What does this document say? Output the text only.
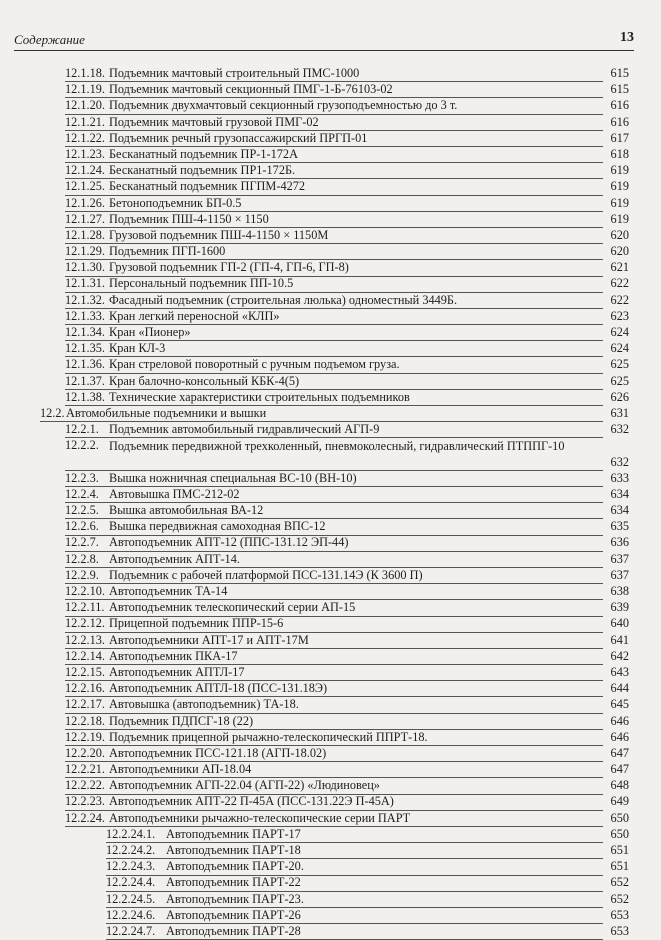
Содержание	13
12.1.18. Подъемник мачтовый строительный ПМС-1000	615
12.1.19. Подъемник мачтовый секционный ПМГ-1-Б-76103-02	615
12.1.20. Подъемник двухмачтовый секционный грузоподъемностью до 3 т.	616
12.1.21. Подъемник мачтовый грузовой ПМГ-02	616
12.1.22. Подъемник речный грузопассажирский ПРГП-01	617
12.1.23. Бесканатный подъемник ПР-1-172А	618
12.1.24. Бесканатный подъемник ПР1-172Б.	619
12.1.25. Бесканатный подъемник ПГПМ-4272	619
12.1.26. Бетоноподъемник БП-0.5	619
12.1.27. Подъемник ПШ-4-1150 × 1150	619
12.1.28. Грузовой подъемник ПШ-4-1150 × 1150М	620
12.1.29. Подъемник ПГП-1600	620
12.1.30. Грузовой подъемник ГП-2 (ГП-4, ГП-6, ГП-8)	621
12.1.31. Персональный подъемник ПП-10.5	622
12.1.32. Фасадный подъемник (строительная люлька) одноместный 3449Б.	622
12.1.33. Кран легкий переносной «КЛП»	623
12.1.34. Кран «Пионер»	624
12.1.35. Кран КЛ-3	624
12.1.36. Кран стреловой поворотный с ручным подъемом груза.	625
12.1.37. Кран балочно-консольный КБК-4(5)	625
12.1.38. Технические характеристики строительных подъемников	626
12.2. Автомобильные подъемники и вышки	631
12.2.1. Подъемник автомобильный гидравлический АГП-9	632
12.2.2. Подъемник передвижной трехколенный, пневмоколесный, гидравлический ПТППГ-10
632
12.2.3. Вышка ножничная специальная ВС-10 (ВН-10)	633
12.2.4. Автовышка ПМС-212-02	634
12.2.5. Вышка автомобильная ВА-12	634
12.2.6. Вышка передвижная самоходная ВПС-12	635
12.2.7. Автоподъемник АПТ-12 (ППС-131.12 ЭП-44)	636
12.2.8. Автоподъемник АПТ-14.	637
12.2.9. Подъемник с рабочей платформой ПСС-131.14Э (К 3600 П)	637
12.2.10. Автоподъемник ТА-14	638
12.2.11. Автоподъемник телескопический серии АП-15	639
12.2.12. Прицепной подъемник ППР-15-6	640
12.2.13. Автоподъемники АПТ-17 и АПТ-17М	641
12.2.14. Автоподъемник ПКА-17	642
12.2.15. Автоподъемник АПТЛ-17	643
12.2.16. Автоподъемник АПТЛ-18 (ПСС-131.18Э)	644
12.2.17. Автовышка (автоподъемник) ТА-18.	645
12.2.18. Подъемник ПДПСГ-18 (22)	646
12.2.19. Подъемник прицепной рычажно-телескопический ППРТ-18.	646
12.2.20. Автоподъемник ПСС-121.18 (АГП-18.02)	647
12.2.21. Автоподъемники АП-18.04	647
12.2.22. Автоподъемник АГП-22.04 (АГП-22) «Людиновец»	648
12.2.23. Автоподъемник АПТ-22 П-45А (ПСС-131.22Э П-45А)	649
12.2.24. Автоподъемники рычажно-телескопические серии ПАРТ	650
12.2.24.1. Автоподъемник ПАРТ-17	650
12.2.24.2. Автоподъемник ПАРТ-18	651
12.2.24.3. Автоподъемник ПАРТ-20.	651
12.2.24.4. Автоподъемник ПАРТ-22	652
12.2.24.5. Автоподъемник ПАРТ-23.	652
12.2.24.6. Автоподъемник ПАРТ-26	653
12.2.24.7. Автоподъемник ПАРТ-28	653
